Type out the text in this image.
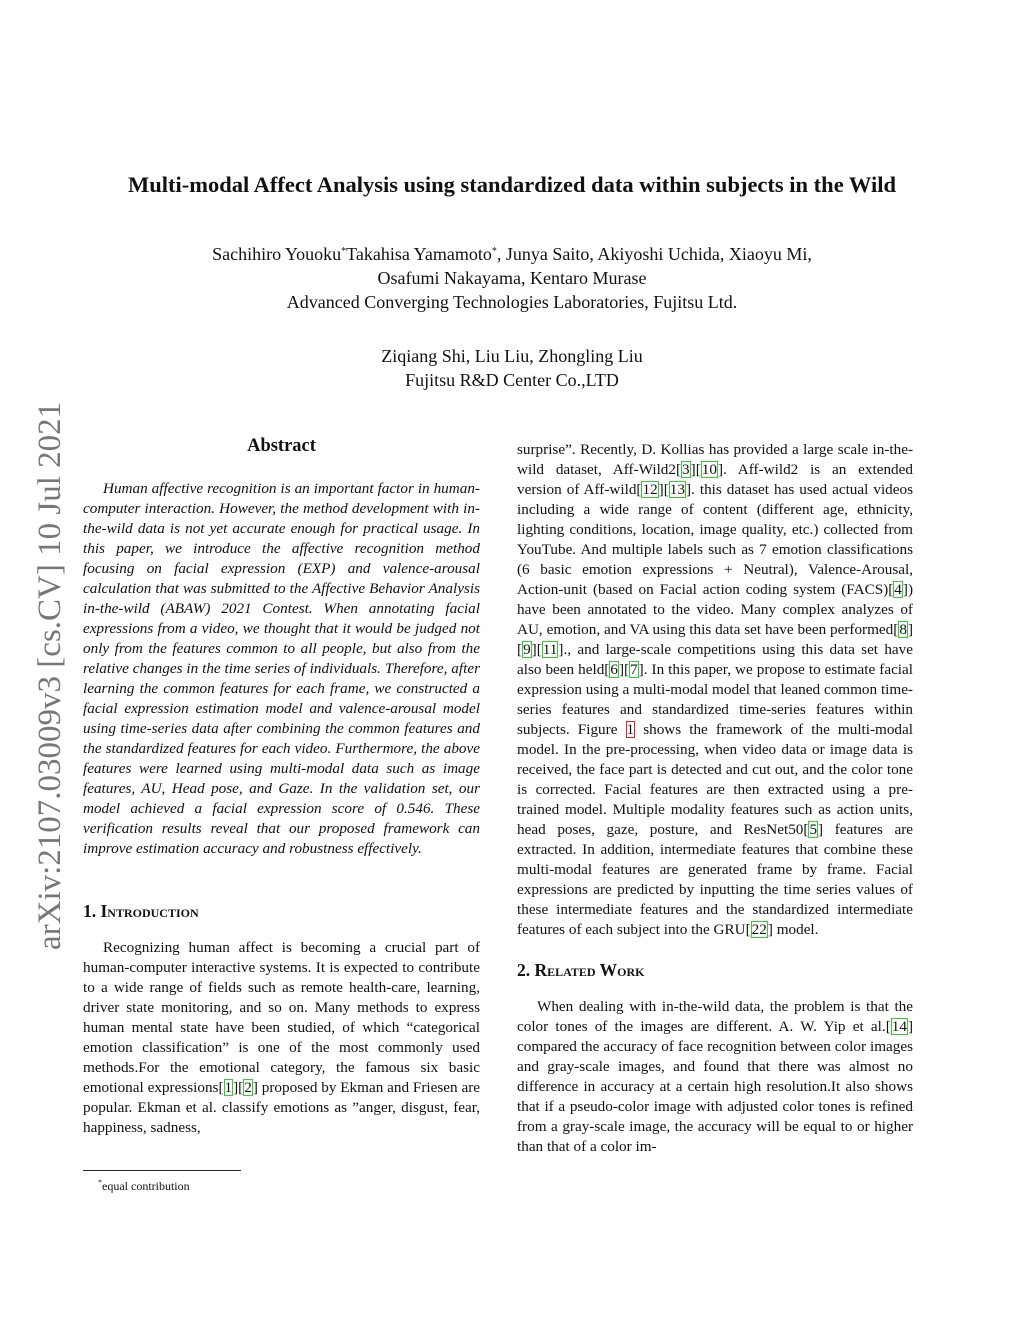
arXiv:2107.03009v3 [cs.CV] 10 Jul 2021
Multi-modal Affect Analysis using standardized data within subjects in the Wild
Sachihiro Youoku*Takahisa Yamamoto*, Junya Saito, Akiyoshi Uchida, Xiaoyu Mi,
Osafumi Nakayama, Kentaro Murase
Advanced Converging Technologies Laboratories, Fujitsu Ltd.
Ziqiang Shi, Liu Liu, Zhongling Liu
Fujitsu R&D Center Co.,LTD
Abstract

Human affective recognition is an important factor in human-computer interaction. However, the method development with in-the-wild data is not yet accurate enough for practical usage. In this paper, we introduce the affective recognition method focusing on facial expression (EXP) and valence-arousal calculation that was submitted to the Affective Behavior Analysis in-the-wild (ABAW) 2021 Contest. When annotating facial expressions from a video, we thought that it would be judged not only from the features common to all people, but also from the relative changes in the time series of individuals. Therefore, after learning the common features for each frame, we constructed a facial expression estimation model and valence-arousal model using time-series data after combining the common features and the standardized features for each video. Furthermore, the above features were learned using multi-modal data such as image features, AU, Head pose, and Gaze. In the validation set, our model achieved a facial expression score of 0.546. These verification results reveal that our proposed framework can improve estimation accuracy and robustness effectively.

1. Introduction

Recognizing human affect is becoming a crucial part of human-computer interactive systems. It is expected to contribute to a wide range of fields such as remote health-care, learning, driver state monitoring, and so on. Many methods to express human mental state have been studied, of which “categorical emotion classification” is one of the most commonly used methods.For the emotional category, the famous six basic emotional expressions[1][2] proposed by Ekman and Friesen are popular. Ekman et al. classify emotions as ”anger, disgust, fear, happiness, sadness,

surprise”. Recently, D. Kollias has provided a large scale in-the-wild dataset, Aff-Wild2[3][10]. Aff-wild2 is an extended version of Aff-wild[12][13]. this dataset has used actual videos including a wide range of content (different age, ethnicity, lighting conditions, location, image quality, etc.) collected from YouTube. And multiple labels such as 7 emotion classifications (6 basic emotion expressions + Neutral), Valence-Arousal, Action-unit (based on Facial action coding system (FACS)[4]) have been annotated to the video. Many complex analyzes of AU, emotion, and VA using this data set have been performed[8][9][11]., and large-scale competitions using this data set have also been held[6][7]. In this paper, we propose to estimate facial expression using a multi-modal model that leaned common time-series features and standardized time-series features within subjects. Figure 1 shows the framework of the multi-modal model. In the pre-processing, when video data or image data is received, the face part is detected and cut out, and the color tone is corrected. Facial features are then extracted using a pre-trained model. Multiple modality features such as action units, head poses, gaze, posture, and ResNet50[5] features are extracted. In addition, intermediate features that combine these multi-modal features are generated frame by frame. Facial expressions are predicted by inputting the time series values of these intermediate features and the standardized intermediate features of each subject into the GRU[22] model.

2. Related Work

When dealing with in-the-wild data, the problem is that the color tones of the images are different. A. W. Yip et al.[14] compared the accuracy of face recognition between color images and gray-scale images, and found that there was almost no difference in accuracy at a certain high resolution.It also shows that if a pseudo-color image with adjusted color tones is refined from a gray-scale image, the accuracy will be equal to or higher than that of a color im-

*equal contribution
